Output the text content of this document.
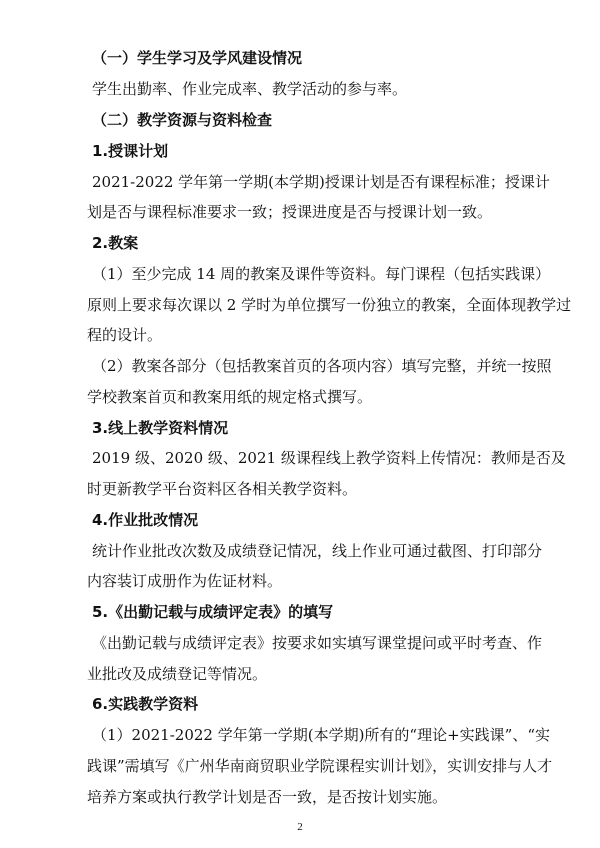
（一）学生学习及学风建设情况
学生出勤率、作业完成率、教学活动的参与率。
（二）教学资源与资料检查
1.授课计划
2021-2022 学年第一学期(本学期)授课计划是否有课程标准；授课计
划是否与课程标准要求一致；授课进度是否与授课计划一致。
2.教案
（1）至少完成 14 周的教案及课件等资料。每门课程（包括实践课）
原则上要求每次课以 2 学时为单位撰写一份独立的教案，全面体现教学过
程的设计。
（2）教案各部分（包括教案首页的各项内容）填写完整，并统一按照
学校教案首页和教案用纸的规定格式撰写。
3.线上教学资料情况
2019 级、2020 级、2021 级课程线上教学资料上传情况：教师是否及
时更新教学平台资料区各相关教学资料。
4.作业批改情况
统计作业批改次数及成绩登记情况，线上作业可通过截图、打印部分
内容装订成册作为佐证材料。
5.《出勤记载与成绩评定表》的填写
《出勤记载与成绩评定表》按要求如实填写课堂提问或平时考查、作
业批改及成绩登记等情况。
6.实践教学资料
（1）2021-2022 学年第一学期(本学期)所有的“理论+实践课”、“实
践课”需填写《广州华南商贸职业学院课程实训计划》，实训安排与人才
培养方案或执行教学计划是否一致，是否按计划实施。
2
